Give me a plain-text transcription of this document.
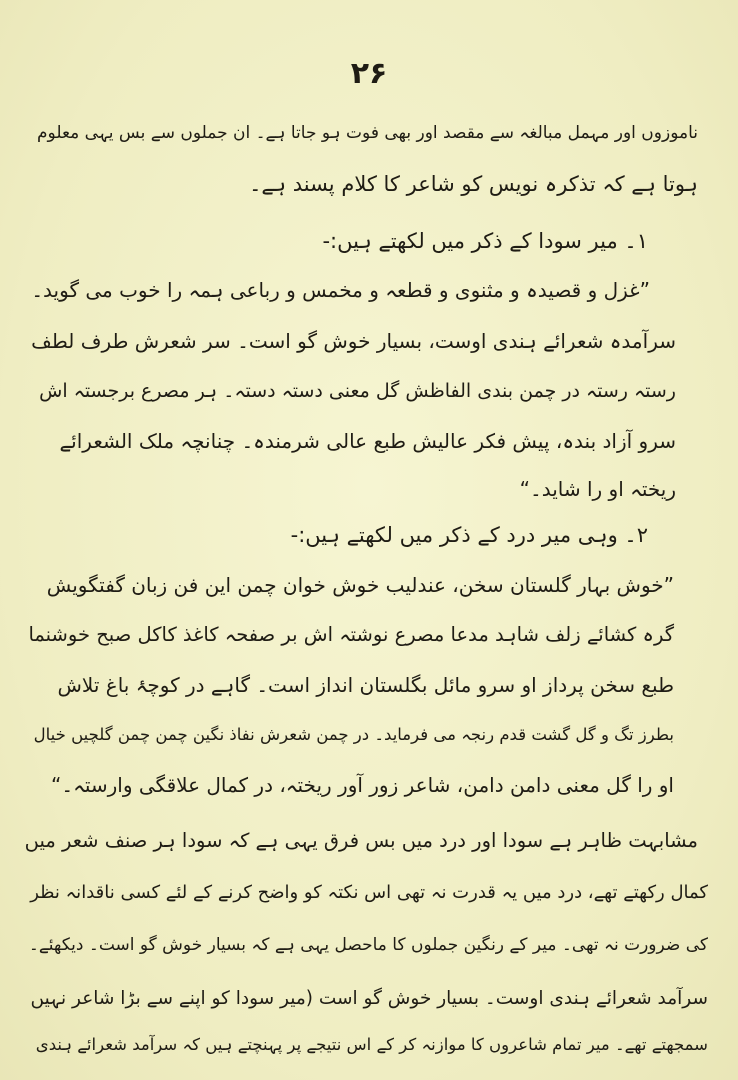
۲۶
ناموزوں اور مہمل مبالغہ سے مقصد اور بھی فوت ہو جاتا ہے۔ ان جملوں سے بس یہی معلوم
ہوتا ہے کہ تذکرہ نویس کو شاعر کا کلام پسند ہے۔
۱۔ میر سودا کے ذکر میں لکھتے ہیں:-
”غزل و قصیدہ و مثنوی و قطعہ و مخمس و رباعی ہمہ را خوب می گوید۔
سرآمدہ شعرائے ہندی اوست، بسیار خوش گو است۔ سر شعرش طرف لطف
رستہ رستہ در چمن بندی الفاظش گل معنی دستہ دستہ۔ ہر مصرع برجستہ اش
سرو آزاد بندہ، پیش فکر عالیش طبع عالی شرمندہ۔ چنانچہ ملک الشعرائے
ریختہ او را شاید۔“
۲۔ وہی میر درد کے ذکر میں لکھتے ہیں:-
”خوش بہار گلستان سخن، عندلیب خوش خوان چمن این فن زبان گفتگویش
گرہ کشائے زلف شاہد مدعا مصرع نوشتہ اش بر صفحہ کاغذ کاکل صبح خوشنما
طبع سخن پرداز او سرو مائل بگلستان انداز است۔ گاہے در کوچۂ باغ تلاش
بطرز تگ و گل گشت قدم رنجہ می فرماید۔ در چمن شعرش نفاذ نگین چمن چمن گلچیں خیال
او را گل معنی دامن دامن، شاعر زور آور ریختہ، در کمال علاقگی وارستہ۔“
مشابہت ظاہر ہے سودا اور درد میں بس فرق یہی ہے کہ سودا ہر صنف شعر میں
کمال رکھتے تھے، درد میں یہ قدرت نہ تھی اس نکتہ کو واضح کرنے کے لئے کسی ناقدانہ نظر
کی ضرورت نہ تھی۔ میر کے رنگین جملوں کا ماحصل یہی ہے کہ بسیار خوش گو است۔ دیکھئے۔
سرآمد شعرائے ہندی اوست۔ بسیار خوش گو است (میر سودا کو اپنے سے بڑا شاعر نہیں
سمجھتے تھے۔ میر تمام شاعروں کا موازنہ کر کے اس نتیجے پر پہنچتے ہیں کہ سرآمد شعرائے ہندی
